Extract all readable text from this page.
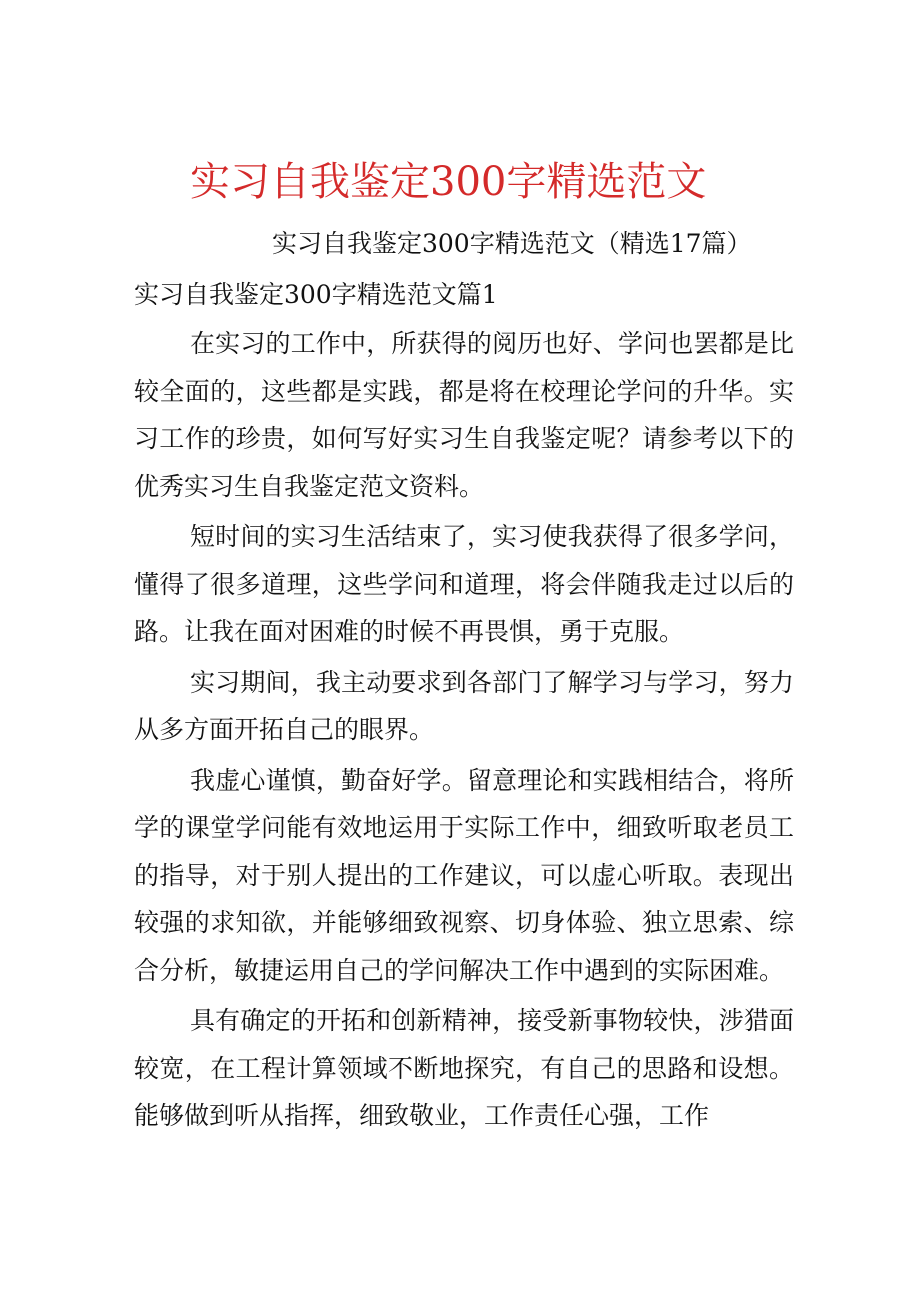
实习自我鉴定300字精选范文
实习自我鉴定300字精选范文（精选17篇）
实习自我鉴定300字精选范文篇1

在实习的工作中，所获得的阅历也好、学问也罢都是比较全面的，这些都是实践，都是将在校理论学问的升华。实习工作的珍贵，如何写好实习生自我鉴定呢？请参考以下的优秀实习生自我鉴定范文资料。

短时间的实习生活结束了，实习使我获得了很多学问，懂得了很多道理，这些学问和道理，将会伴随我走过以后的路。让我在面对困难的时候不再畏惧，勇于克服。

实习期间，我主动要求到各部门了解学习与学习，努力从多方面开拓自己的眼界。

我虚心谨慎，勤奋好学。留意理论和实践相结合，将所学的课堂学问能有效地运用于实际工作中，细致听取老员工的指导，对于别人提出的工作建议，可以虚心听取。表现出较强的求知欲，并能够细致视察、切身体验、独立思索、综合分析，敏捷运用自己的学问解决工作中遇到的实际困难。

具有确定的开拓和创新精神，接受新事物较快，涉猎面较宽，在工程计算领域不断地探究，有自己的思路和设想。能够做到听从指挥，细致敬业，工作责任心强，工作
